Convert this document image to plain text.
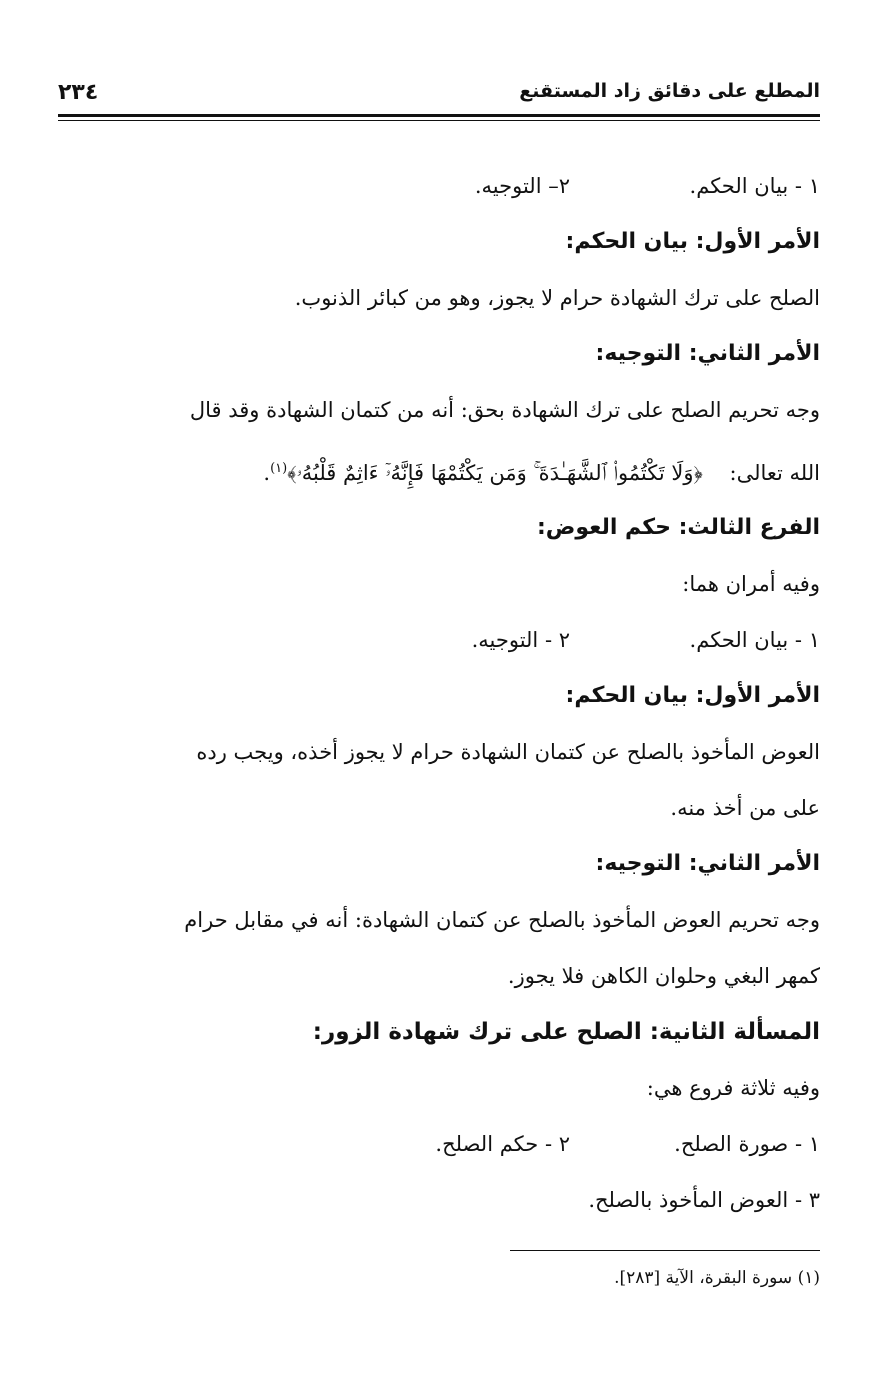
٢٣٤	المطلع على دقائق زاد المستقنع
١ - بيان الحكم.
٢– التوجيه.
الأمر الأول: بيان الحكم:
الصلح على ترك الشهادة حرام لا يجوز، وهو من كبائر الذنوب.
الأمر الثاني: التوجيه:
وجه تحريم الصلح على ترك الشهادة بحق: أنه من كتمان الشهادة وقد قال
الله تعالى:    ﴿وَلَا تَكْتُمُوا۟ ٱلشَّهَـٰدَةَ ۚ وَمَن يَكْتُمْهَا فَإِنَّهُۥٓ ءَاثِمٌ قَلْبُهُۥ﴾$^{(١)}$.
الفرع الثالث: حكم العوض:
وفيه أمران هما:
١ - بيان الحكم.
٢ - التوجيه.
الأمر الأول: بيان الحكم:
العوض المأخوذ بالصلح عن كتمان الشهادة حرام لا يجوز أخذه، ويجب رده
على من أخذ منه.
الأمر الثاني: التوجيه:
وجه تحريم العوض المأخوذ بالصلح عن كتمان الشهادة: أنه في مقابل حرام
كمهر البغي وحلوان الكاهن فلا يجوز.
المسألة الثانية: الصلح على ترك شهادة الزور:
وفيه ثلاثة فروع هي:
١ - صورة الصلح.
٢ - حكم الصلح.
٣ - العوض المأخوذ بالصلح.
(١) سورة البقرة، الآية [٢٨٣].
